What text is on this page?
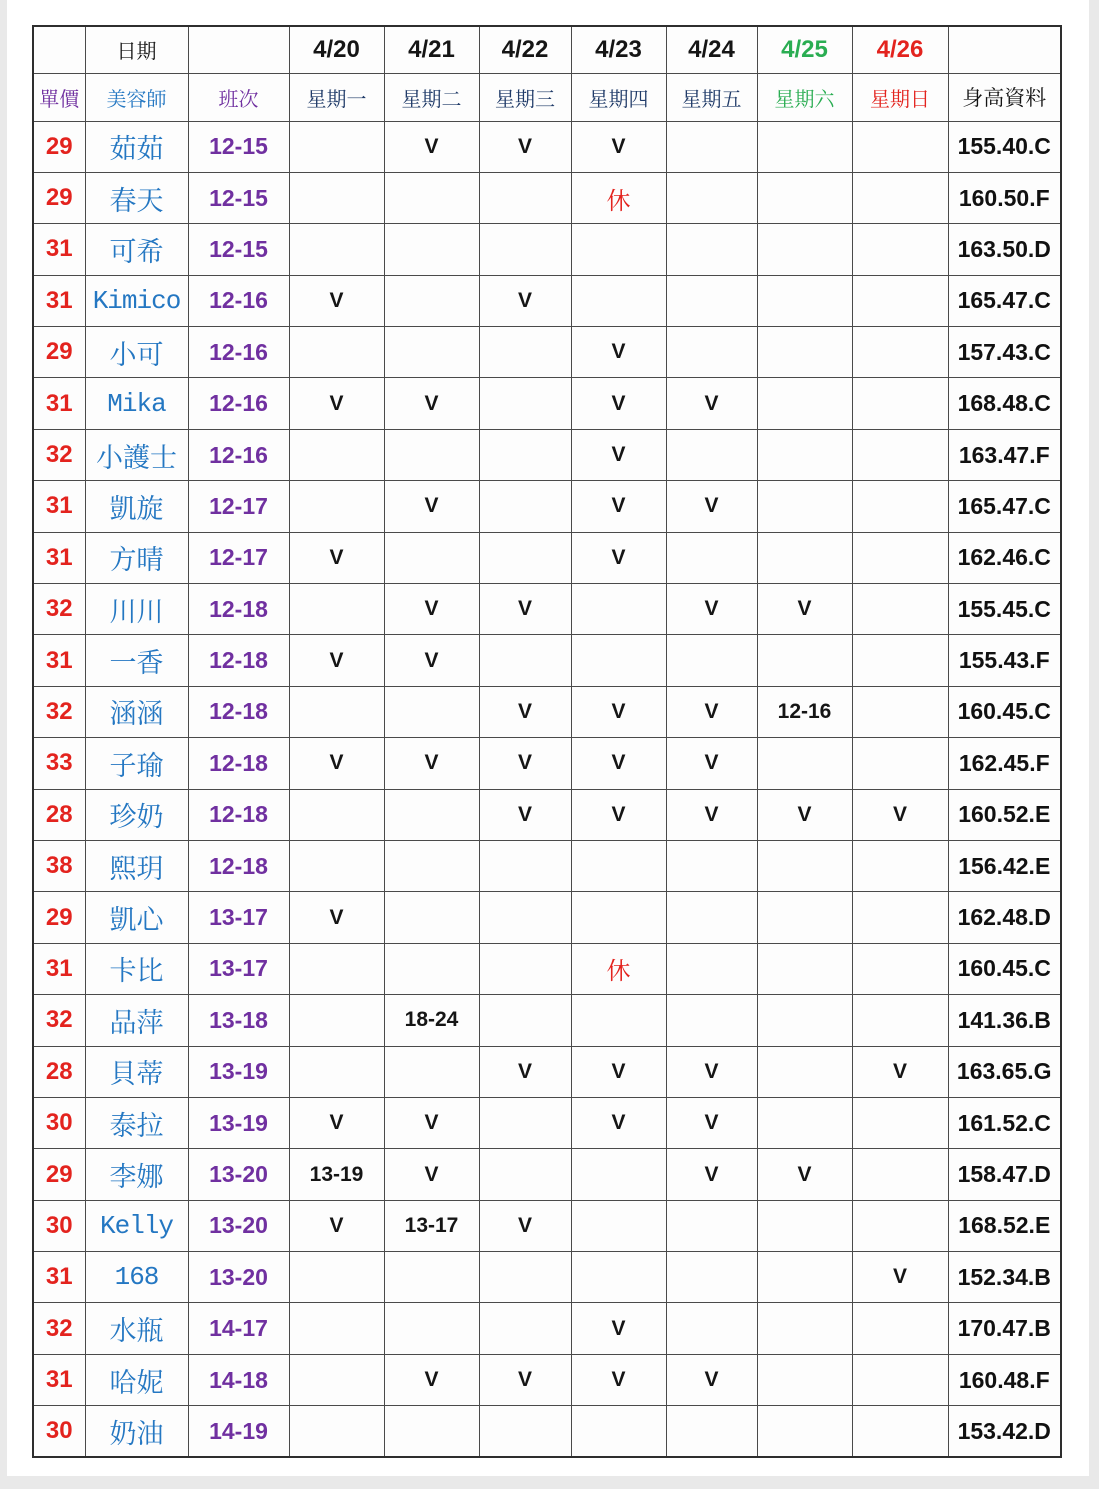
	日期		4/20	4/21	4/22	4/23	4/24	4/25	4/26	
單價	美容師	班次	星期一	星期二	星期三	星期四	星期五	星期六	星期日	身高資料
29	茹茹	12-15		V	V	V				155.40.C
29	春天	12-15				休				160.50.F
31	可希	12-15								163.50.D
31	Kimico	12-16	V		V					165.47.C
29	小可	12-16				V				157.43.C
31	Mika	12-16	V	V		V	V			168.48.C
32	小護士	12-16				V				163.47.F
31	凱旋	12-17		V		V	V			165.47.C
31	方晴	12-17	V			V				162.46.C
32	川川	12-18		V	V		V	V		155.45.C
31	一香	12-18	V	V						155.43.F
32	涵涵	12-18			V	V	V	12-16		160.45.C
33	子瑜	12-18	V	V	V	V	V			162.45.F
28	珍奶	12-18			V	V	V	V	V	160.52.E
38	熙玥	12-18								156.42.E
29	凱心	13-17	V							162.48.D
31	卡比	13-17				休				160.45.C
32	品萍	13-18		18-24						141.36.B
28	貝蒂	13-19			V	V	V		V	163.65.G
30	泰拉	13-19	V	V		V	V			161.52.C
29	李娜	13-20	13-19	V			V	V		158.47.D
30	Kelly	13-20	V	13-17	V					168.52.E
31	168	13-20							V	152.34.B
32	水瓶	14-17				V				170.47.B
31	哈妮	14-18		V	V	V	V			160.48.F
30	奶油	14-19								153.42.D
